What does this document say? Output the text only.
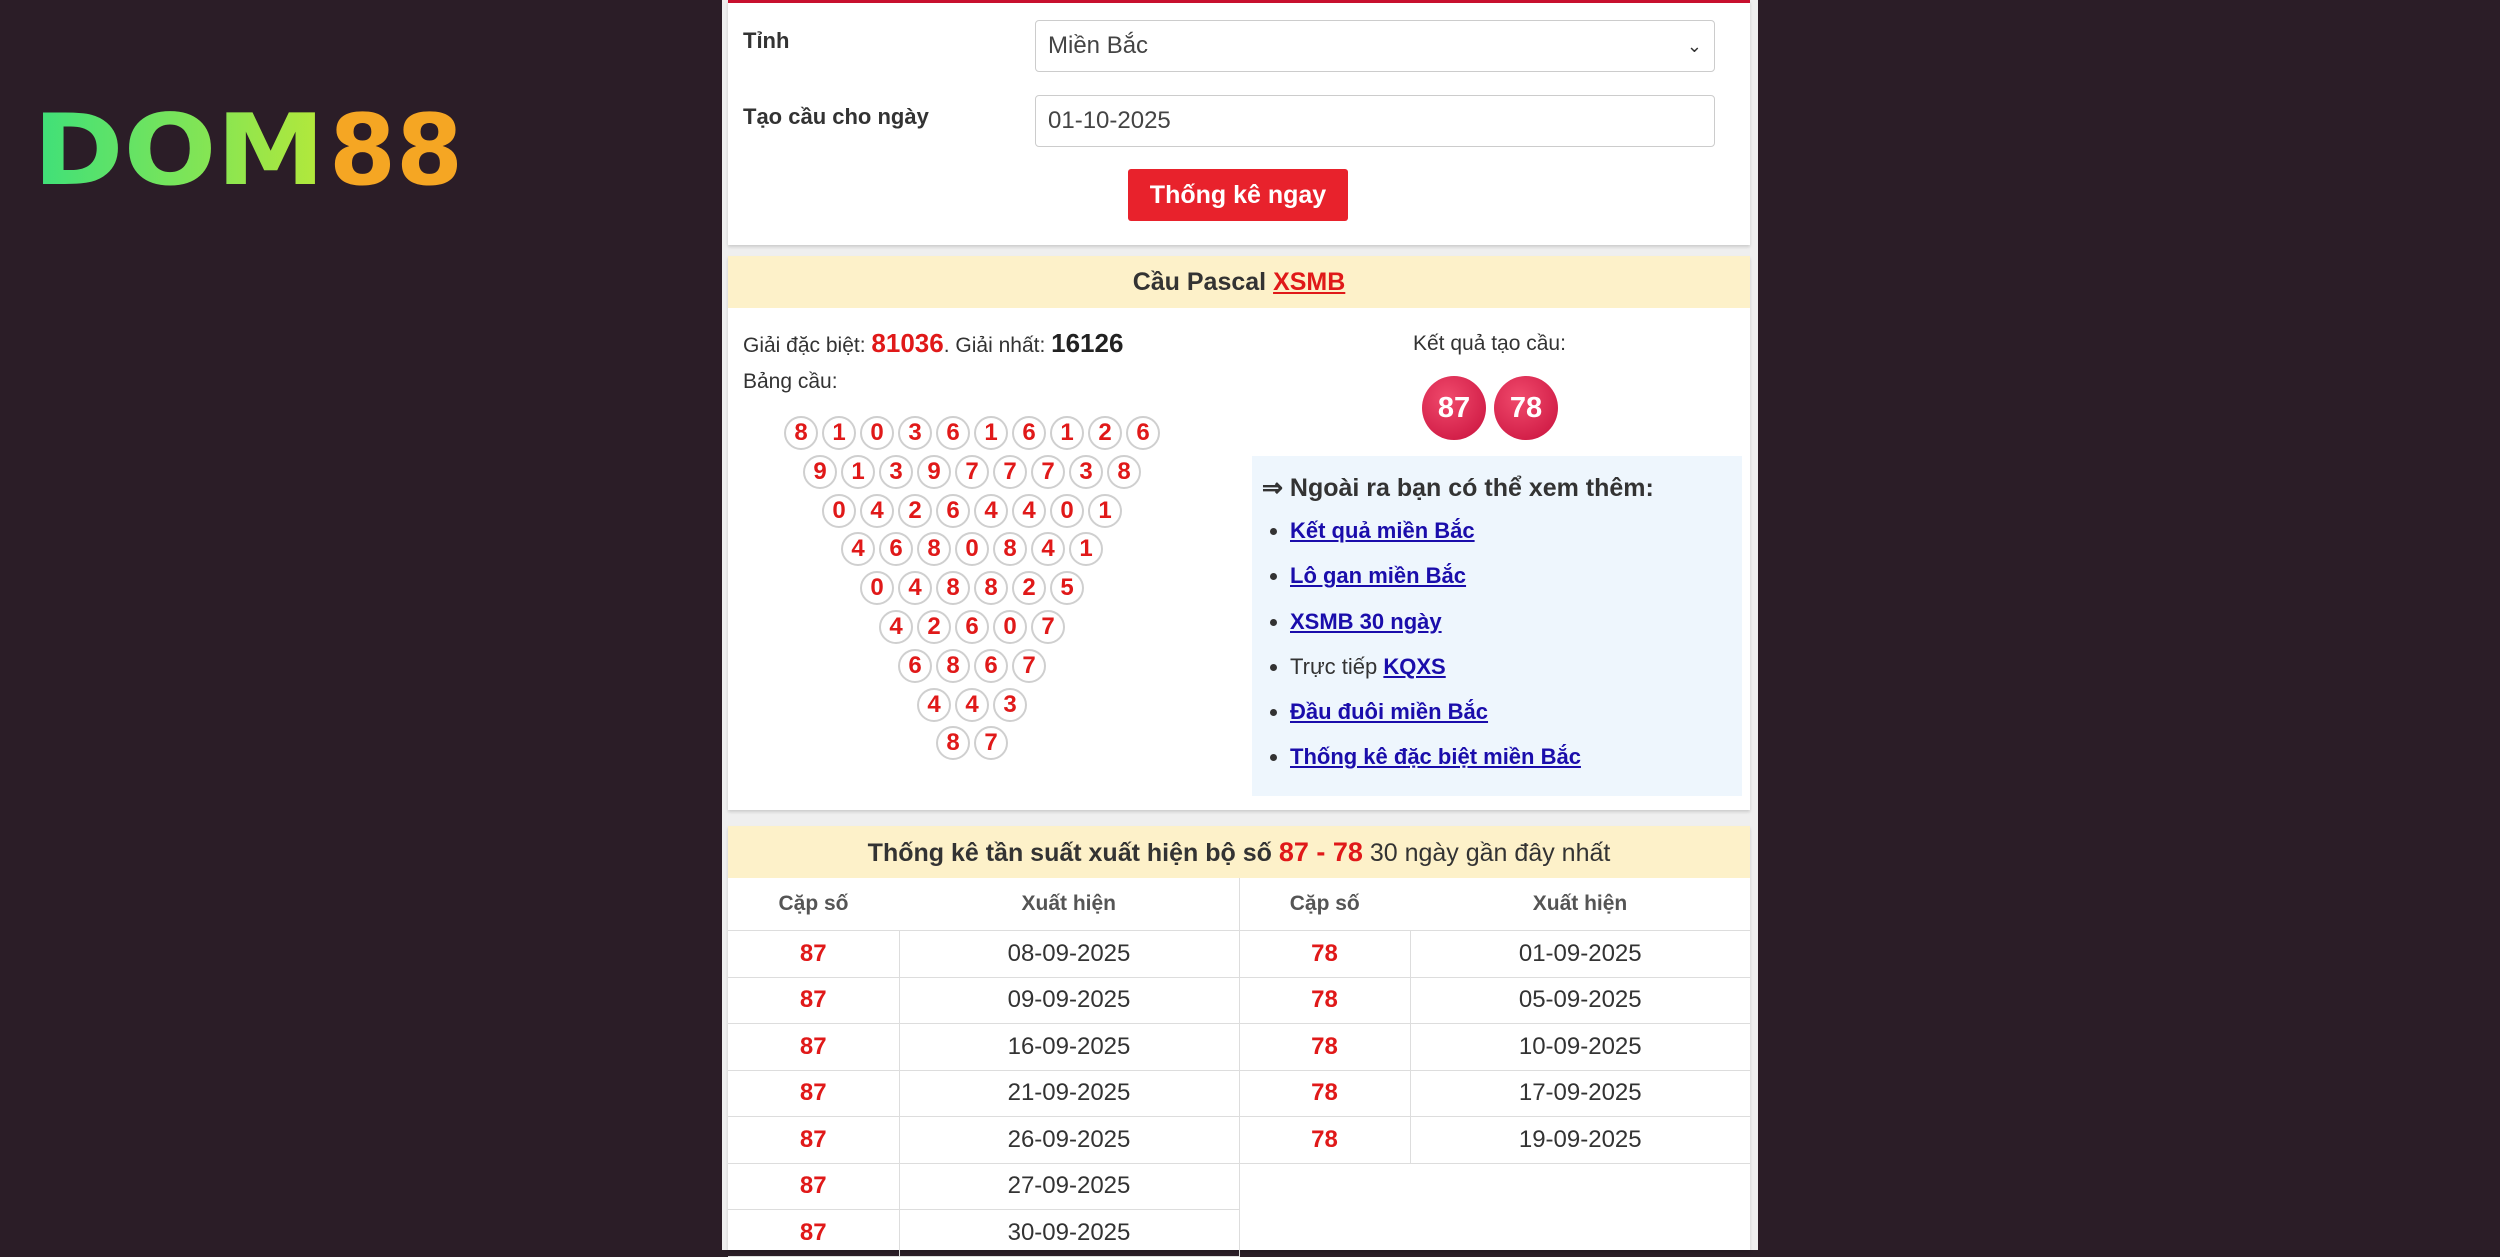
DOM 88
Tỉnh	Miền Bắc	⌄
Tạo cầu cho ngày	01-10-2025
Thống kê ngay
Cầu Pascal XSMB
Giải đặc biệt: 81036. Giải nhất: 16126
Bảng cầu:
8	1	0	3	6	1	6	1	2	6
9	1	3	9	7	7	7	3	8
0	4	2	6	4	4	0	1
4	6	8	0	8	4	1
0	4	8	8	2	5
4	2	6	0	7
6	8	6	7
4	4	3
8	7
Kết quả tạo cầu:
87	78
⇒ Ngoài ra bạn có thể xem thêm:
• Kết quả miền Bắc
• Lô gan miền Bắc
• XSMB 30 ngày
• Trực tiếp KQXS
• Đầu đuôi miền Bắc
• Thống kê đặc biệt miền Bắc
Thống kê tần suất xuất hiện bộ số 87 - 78 30 ngày gần đây nhất
Cặp số	Xuất hiện	Cặp số	Xuất hiện
87	08-09-2025	78	01-09-2025
87	09-09-2025	78	05-09-2025
87	16-09-2025	78	10-09-2025
87	21-09-2025	78	17-09-2025
87	26-09-2025	78	19-09-2025
87	27-09-2025		
87	30-09-2025		
